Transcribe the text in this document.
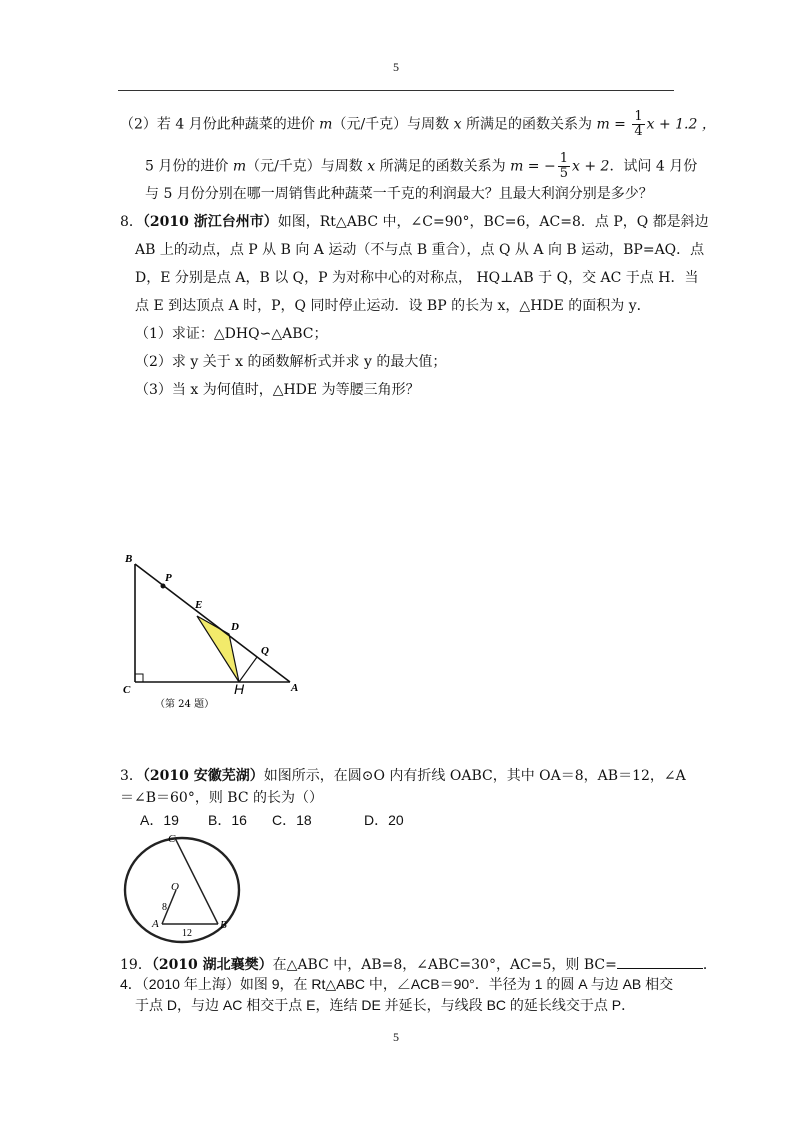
5
（2）若 4 月份此种蔬菜的进价 m（元/千克）与周数 x 所满足的函数关系为 $m = \frac{1}{4}$ x + 1.2 ，
5 月份的进价 m（元/千克）与周数 x 所满足的函数关系为 m = − $\frac{1}{5}$ x + 2．试问 4 月份
与 5 月份分别在哪一周销售此种蔬菜一千克的利润最大？且最大利润分别是多少？
8．（2010 浙江台州市）如图，Rt△ABC 中，∠C=90°，BC=6，AC=8．点 P，Q 都是斜边
AB 上的动点，点 P 从 B 向 A 运动（不与点 B 重合），点 Q 从 A 向 B 运动，BP=AQ．点
D，E 分别是点 A，B 以 Q，P 为对称中心的对称点， HQ⊥AB 于 Q，交 AC 于点 H．当
点 E 到达顶点 A 时，P，Q 同时停止运动．设 BP 的长为 x，△HDE 的面积为 y．
（1）求证：△DHQ∽△ABC；
（2）求 y 关于 x 的函数解析式并求 y 的最大值；
（3）当 x 为何值时，△HDE 为等腰三角形？
B
P
E
D
Q
C	H	A
（第 24 题）
3．（2010 安徽芜湖）如图所示，在圆⊙O 内有折线 OABC，其中 OA＝8，AB＝12，∠A
＝∠B＝60°，则 BC 的长为（）
A．19 B．16 C．18	D．20
C
O
8
A
12
B
19．（2010 湖北襄樊）在△ABC 中，AB=8，∠ABC=30°，AC=5，则 BC=	．
4．（2010 年上海）如图 9，在 Rt△ABC 中，∠ACB＝90°．半径为 1 的圆 A 与边 AB 相交
于点 D，与边 AC 相交于点 E，连结 DE 并延长，与线段 BC 的延长线交于点 P．
5
